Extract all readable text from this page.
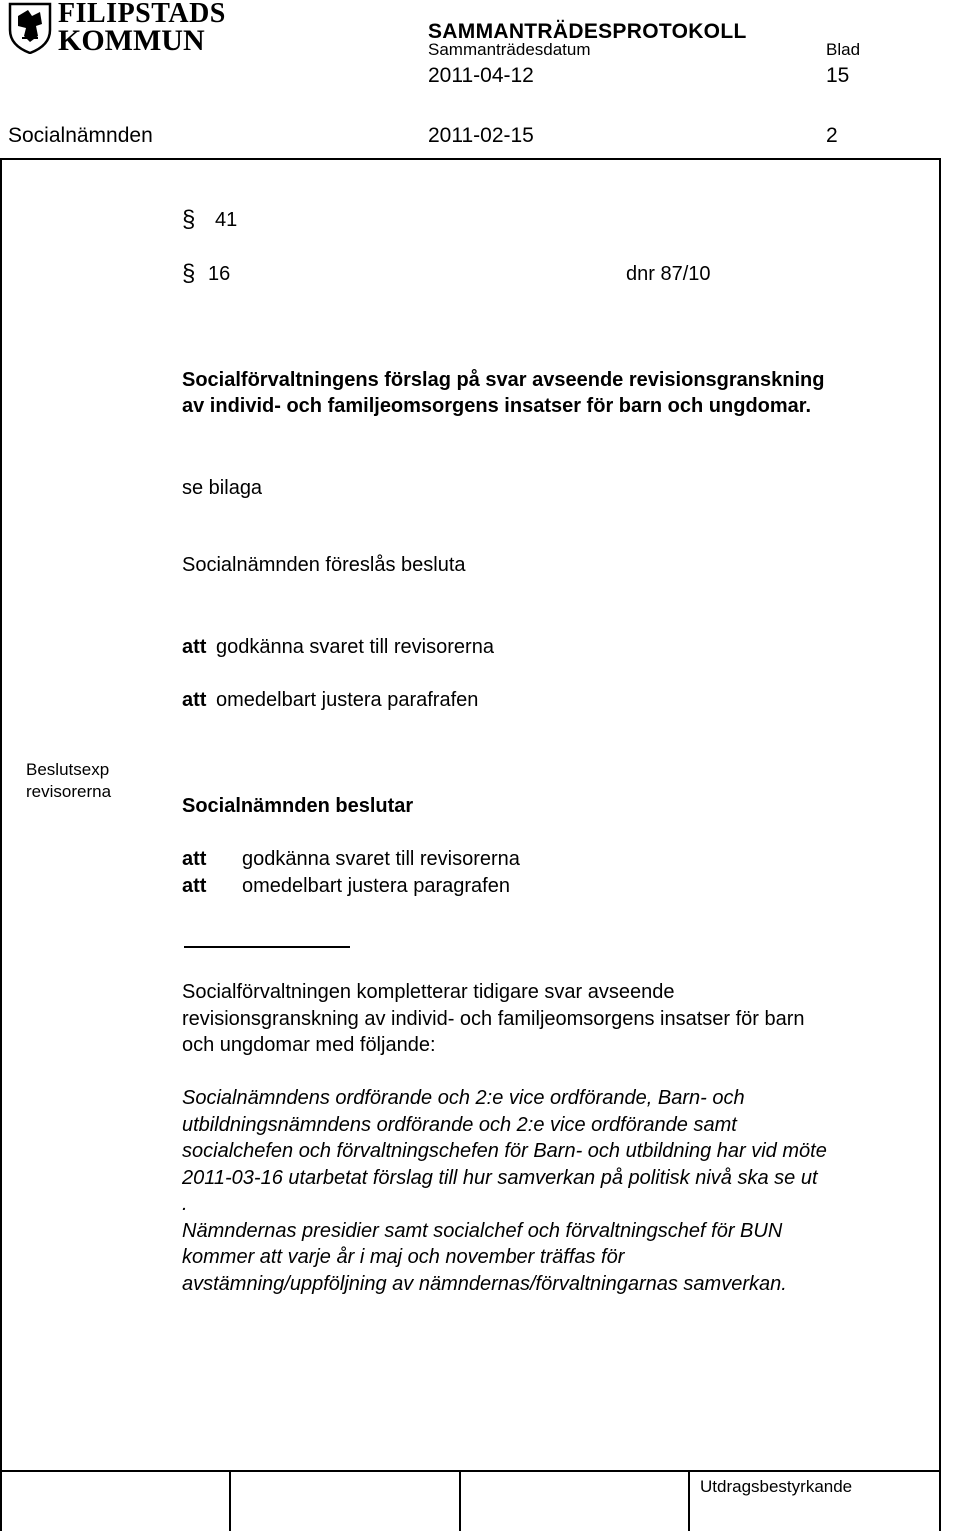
FILIPSTADS
KOMMUN	SAMMANTRÄDESPROTOKOLL
Sammanträdesdatum	Blad
2011-04-12	15
Socialnämnden	2011-02-15	2
Utdragsbestyrkande
§ 41
§ 16	dnr 87/10
Socialförvaltningens förslag på svar avseende revisionsgranskning
av individ- och familjeomsorgens insatser för barn och ungdomar.
se bilaga
Socialnämnden föreslås besluta
att godkänna svaret till revisorerna
att omedelbart justera parafrafen
Beslutsexp
revisorerna
Socialnämnden beslutar
att godkänna svaret till revisorerna
att omedelbart justera paragrafen
Socialförvaltningen kompletterar tidigare svar avseende
revisionsgranskning av individ- och familjeomsorgens insatser för barn
och ungdomar med följande:
Socialnämndens ordförande och 2:e vice ordförande, Barn- och
utbildningsnämndens ordförande och 2:e vice ordförande samt
socialchefen och förvaltningschefen för Barn- och utbildning har vid möte
2011-03-16 utarbetat förslag till hur samverkan på politisk nivå ska se ut
.
Nämndernas presidier samt socialchef och förvaltningschef för BUN
kommer att varje år i maj och november träffas för
avstämning/uppföljning av nämndernas/förvaltningarnas samverkan.
